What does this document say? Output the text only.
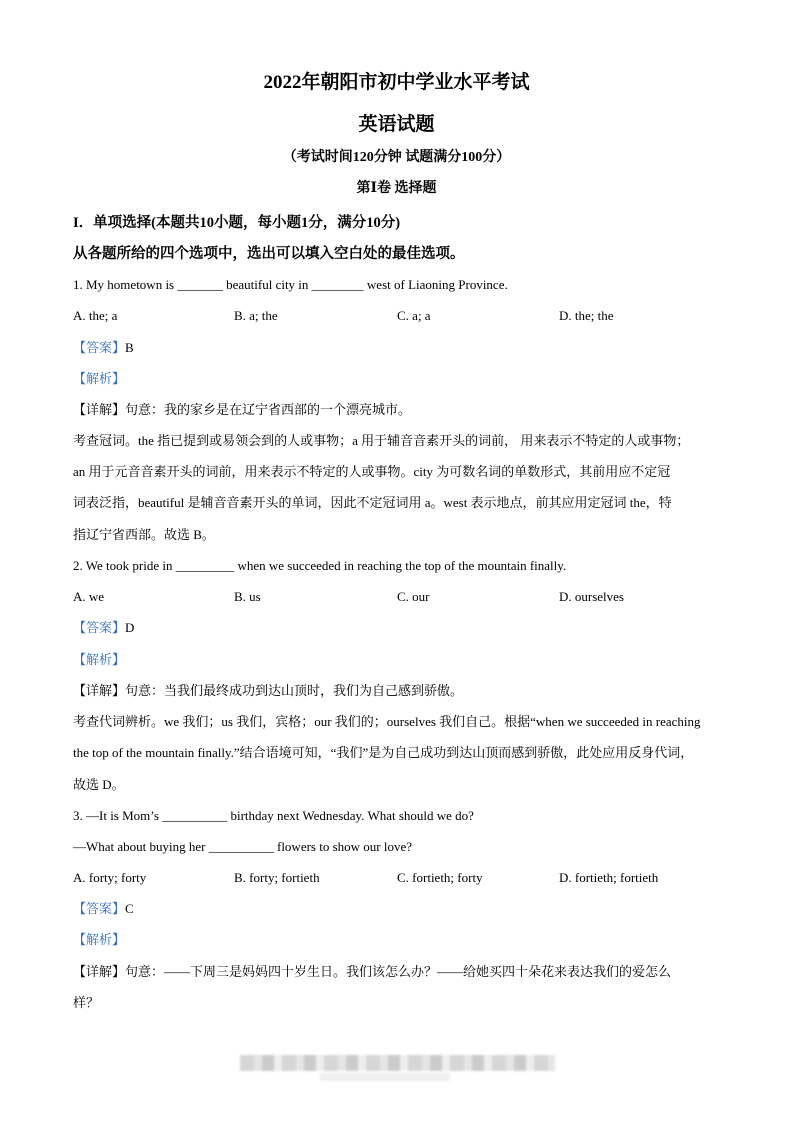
2022年朝阳市初中学业水平考试
英语试题
（考试时间120分钟 试题满分100分）
第Ⅰ卷 选择题
I．单项选择(本题共10小题，每小题1分，满分10分)
从各题所给的四个选项中，选出可以填入空白处的最佳选项。
1. My hometown is _______ beautiful city in ________ west of Liaoning Province.
A. the; a	B. a; the	C. a; a	D. the; the
【答案】B
【解析】
【详解】句意：我的家乡是在辽宁省西部的一个漂亮城市。
考查冠词。the 指已提到或易领会到的人或事物；a 用于辅音音素开头的词前， 用来表示不特定的人或事物；
an 用于元音音素开头的词前，用来表示不特定的人或事物。city 为可数名词的单数形式，其前用应不定冠
词表泛指，beautiful 是辅音音素开头的单词，因此不定冠词用 a。west 表示地点，前其应用定冠词 the，特
指辽宁省西部。故选 B。
2. We took pride in _________ when we succeeded in reaching the top of the mountain finally.
A. we	B. us	C. our	D. ourselves
【答案】D
【解析】
【详解】句意：当我们最终成功到达山顶时，我们为自己感到骄傲。
考查代词辨析。we 我们；us 我们，宾格；our 我们的；ourselves 我们自己。根据“when we succeeded in reaching
the top of the mountain finally.”结合语境可知，“我们”是为自己成功到达山顶而感到骄傲，此处应用反身代词，
故选 D。
3. —It is Mom’s __________ birthday next Wednesday. What should we do?
—What about buying her __________ flowers to show our love?
A. forty; forty	B. forty; fortieth	C. fortieth; forty	D. fortieth; fortieth
【答案】C
【解析】
【详解】句意：——下周三是妈妈四十岁生日。我们该怎么办？——给她买四十朵花来表达我们的爱怎么
样？
